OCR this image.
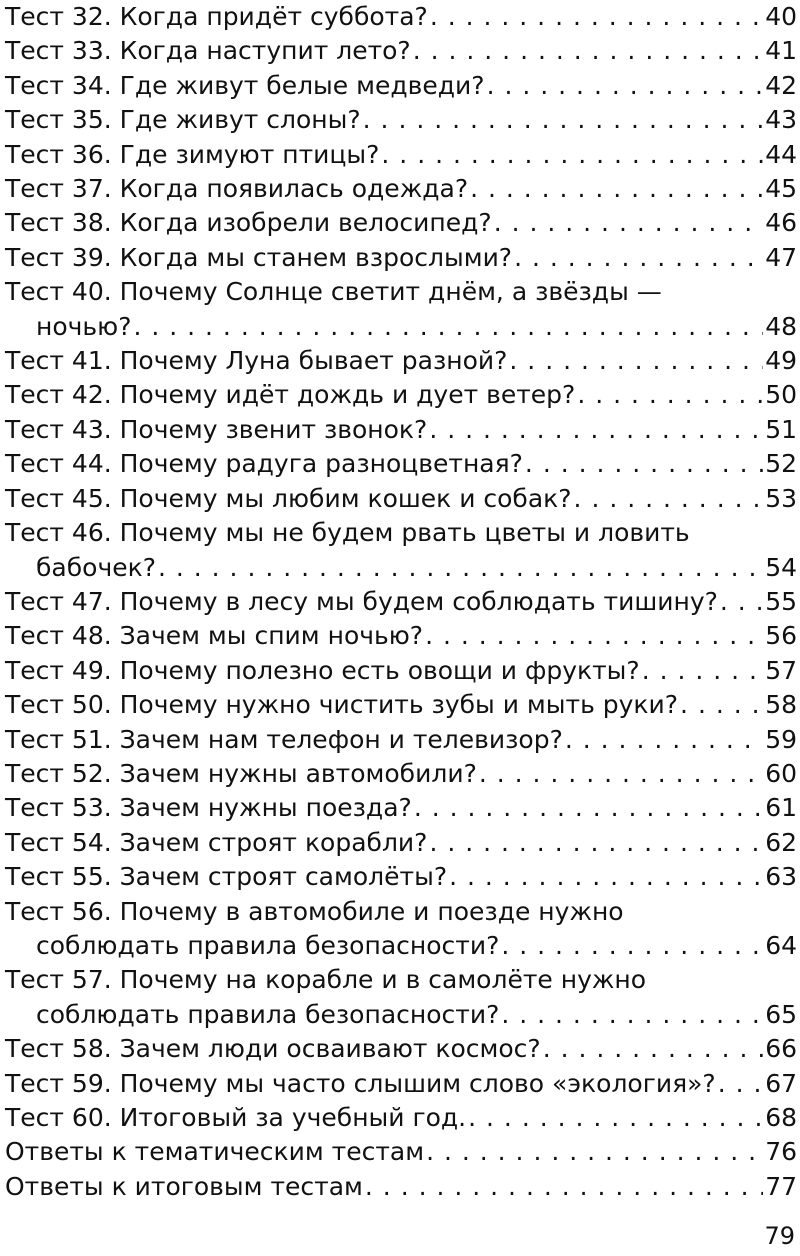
Тест 32. Когда придёт суббота? . . .	40
Тест 33. Когда наступит лето? . . .	41
Тест 34. Где живут белые медведи? . . .	42
Тест 35. Где живут слоны? . . .	43
Тест 36. Где зимуют птицы? . . .	44
Тест 37. Когда появилась одежда? . . .	45
Тест 38. Когда изобрели велосипед? . . .	46
Тест 39. Когда мы станем взрослыми? . . .	47
Тест 40. Почему Солнце светит днём, а звёзды —
ночью? . . .	48
Тест 41. Почему Луна бывает разной? . . .	49
Тест 42. Почему идёт дождь и дует ветер? . . .	50
Тест 43. Почему звенит звонок? . . .	51
Тест 44. Почему радуга разноцветная? . . .	52
Тест 45. Почему мы любим кошек и собак? . . .	53
Тест 46. Почему мы не будем рвать цветы и ловить
бабочек? . . .	54
Тест 47. Почему в лесу мы будем соблюдать тишину? . . . 55
Тест 48. Зачем мы спим ночью? . . .	56
Тест 49. Почему полезно есть овощи и фрукты? . . .	57
Тест 50. Почему нужно чистить зубы и мыть руки? . . .	58
Тест 51. Зачем нам телефон и телевизор? . . .	59
Тест 52. Зачем нужны автомобили? . . .	60
Тест 53. Зачем нужны поезда? . . .	61
Тест 54. Зачем строят корабли? . . .	62
Тест 55. Зачем строят самолёты? . . .	63
Тест 56. Почему в автомобиле и поезде нужно
соблюдать правила безопасности? . . .	64
Тест 57. Почему на корабле и в самолёте нужно
соблюдать правила безопасности? . . .	65
Тест 58. Зачем люди осваивают космос? . . .	66
Тест 59. Почему мы часто слышим слово «экология»? . . . 67
Тест 60. Итоговый за учебный год. . . .	68
Ответы к тематическим тестам . . .	76
Ответы к итоговым тестам . . .	77
79
